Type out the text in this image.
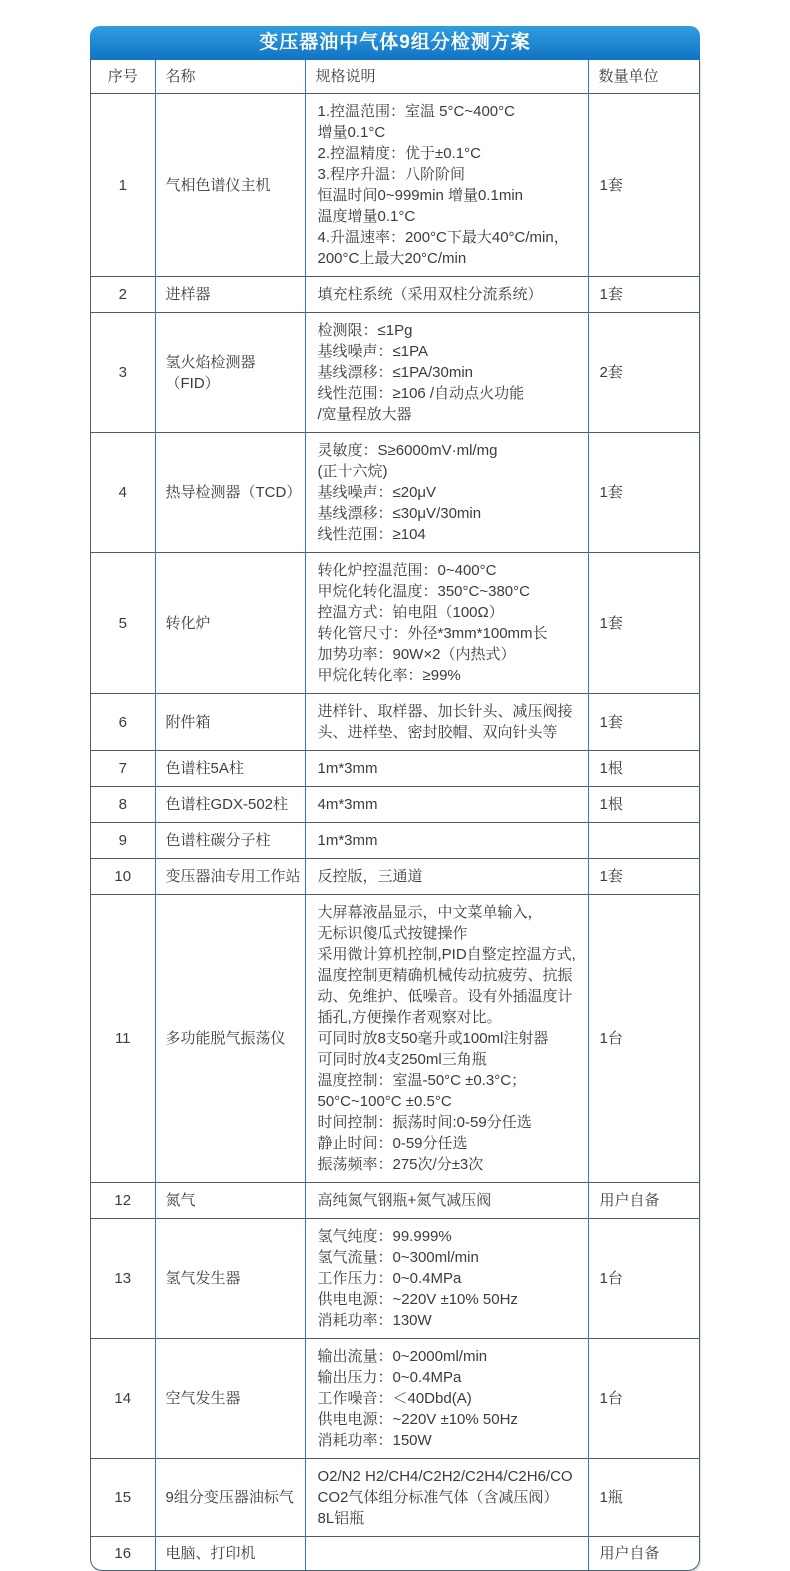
变压器油中气体9组分检测方案
序号	名称	规格说明	数量单位
1	气相色谱仪主机	1.控温范围：室温 5°C~400°C
增量0.1°C
2.控温精度：优于±0.1°C
3.程序升温：八阶阶间
恒温时间0~999min 增量0.1min
温度增量0.1°C
4.升温速率：200°C下最大40°C/min，
200°C上最大20°C/min	1套
2	进样器	填充柱系统（采用双柱分流系统）	1套
3	氢火焰检测器（FID）	检测限：≤1Pg
基线噪声：≤1PA
基线漂移：≤1PA/30min
线性范围：≥106 /自动点火功能
/宽量程放大器	2套
4	热导检测器（TCD）	灵敏度：S≥6000mV·ml/mg
(正十六烷)
基线噪声：≤20μV
基线漂移：≤30μV/30min
线性范围：≥104	1套
5	转化炉	转化炉控温范围：0~400°C
甲烷化转化温度：350°C~380°C
控温方式：铂电阻（100Ω）
转化管尺寸：外径*3mm*100mm长
加势功率：90W×2（内热式）
甲烷化转化率：≥99%	1套
6	附件箱	进样针、取样器、加长针头、减压阀接头、进样垫、密封胶帽、双向针头等	1套
7	色谱柱5A柱	1m*3mm	1根
8	色谱柱GDX-502柱	4m*3mm	1根
9	色谱柱碳分子柱	1m*3mm	
10	变压器油专用工作站	反控版，三通道	1套
11	多功能脱气振荡仪	大屏幕液晶显示，中文菜单输入，
无标识傻瓜式按键操作
采用微计算机控制,PID自整定控温方式,温度控制更精确机械传动抗疲劳、抗振动、免维护、低噪音。设有外插温度计插孔,方便操作者观察对比。
可同时放8支50毫升或100ml注射器
可同时放4支250ml三角瓶
温度控制：室温-50°C ±0.3°C；
50°C~100°C ±0.5°C
时间控制：振荡时间:0-59分任选
静止时间：0-59分任选
振荡频率：275次/分±3次	1台
12	氮气	高纯氮气钢瓶+氮气减压阀	用户自备
13	氢气发生器	氢气纯度：99.999%
氢气流量：0~300ml/min
工作压力：0~0.4MPa
供电电源：~220V ±10% 50Hz
消耗功率：130W	1台
14	空气发生器	输出流量：0~2000ml/min
输出压力：0~0.4MPa
工作噪音：＜40Dbd(A)
供电电源：~220V ±10% 50Hz
消耗功率：150W	1台
15	9组分变压器油标气	O2/N2 H2/CH4/C2H2/C2H4/C2H6/CO
CO2气体组分标准气体（含减压阀）
8L铝瓶	1瓶
16	电脑、打印机		用户自备
